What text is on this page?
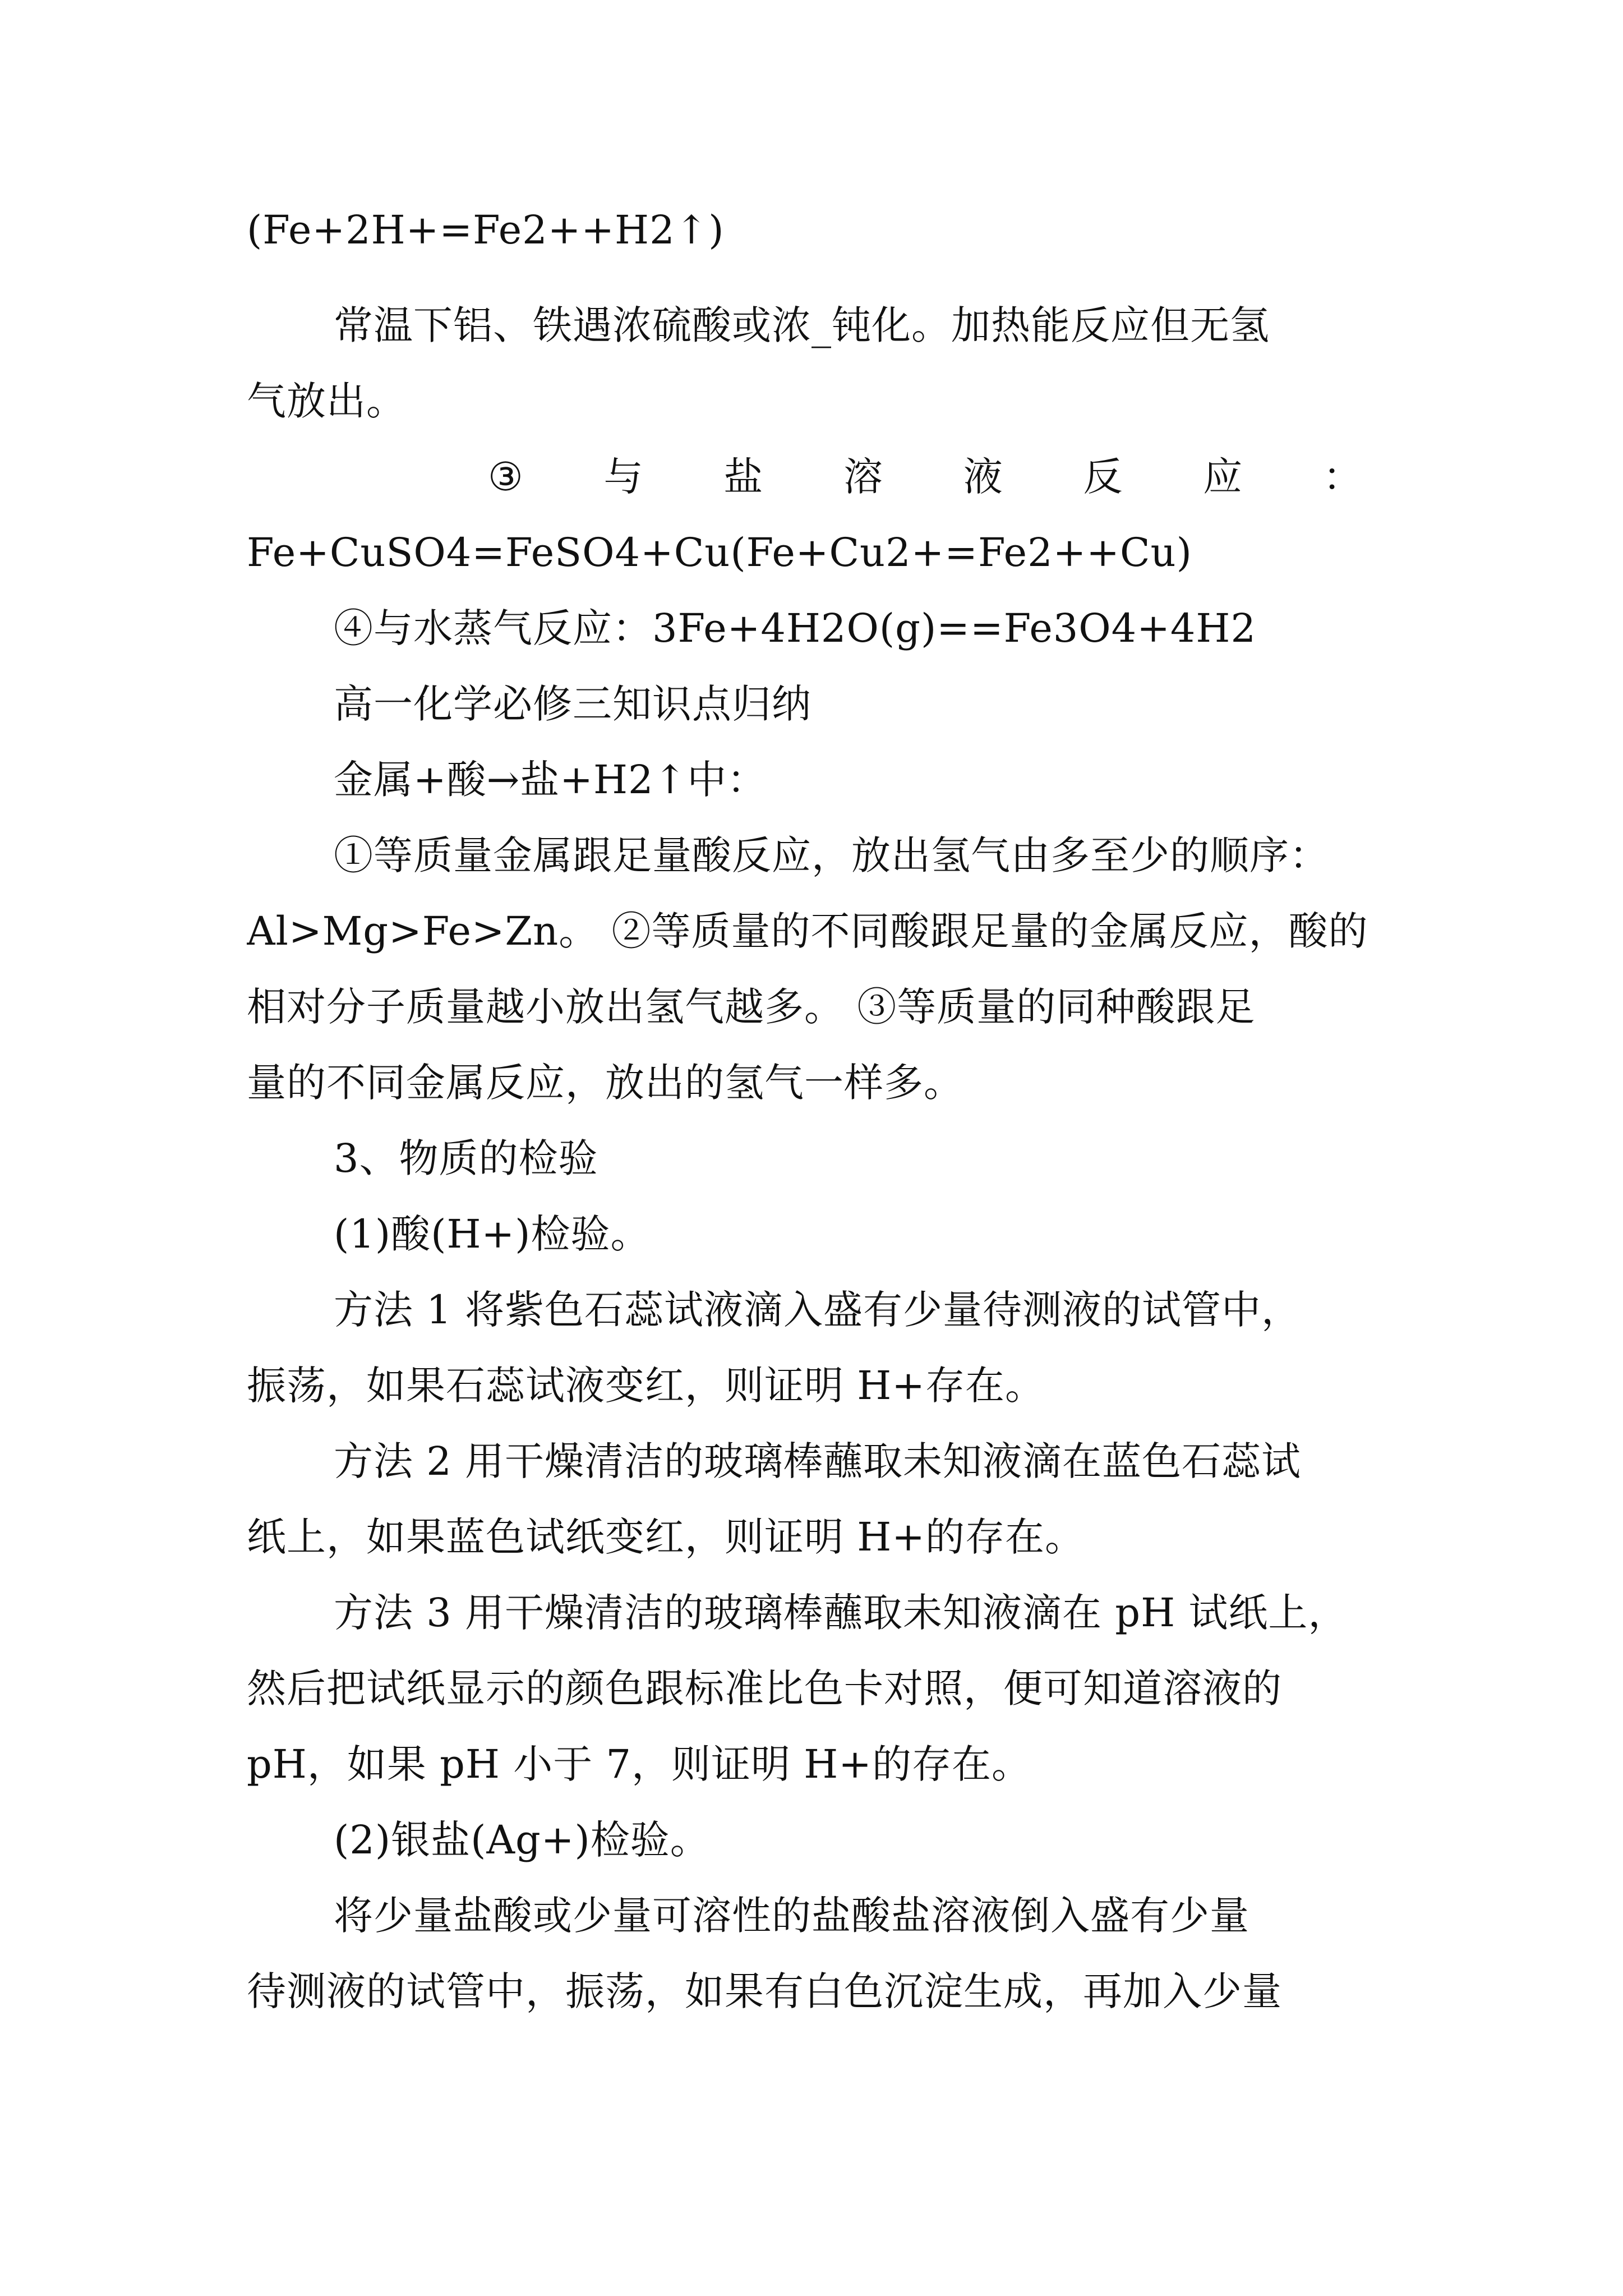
(Fe+2H+=Fe2++H2↑)
常温下铝、铁遇浓硫酸或浓_钝化。加热能反应但无氢
气放出。
③ 与 盐 溶 液 反 应 ：
Fe+CuSO4=FeSO4+Cu(Fe+Cu2+=Fe2++Cu)
④与水蒸气反应：3Fe+4H2O(g)==Fe3O4+4H2
高一化学必修三知识点归纳
金属+酸→盐+H2↑中：
①等质量金属跟足量酸反应，放出氢气由多至少的顺序：
Al>Mg>Fe>Zn。 ②等质量的不同酸跟足量的金属反应，酸的
相对分子质量越小放出氢气越多。 ③等质量的同种酸跟足
量的不同金属反应，放出的氢气一样多。
3、物质的检验
(1)酸(H+)检验。
方法 1 将紫色石蕊试液滴入盛有少量待测液的试管中，
振荡，如果石蕊试液变红，则证明 H+存在。
方法 2 用干燥清洁的玻璃棒蘸取未知液滴在蓝色石蕊试
纸上，如果蓝色试纸变红，则证明 H+的存在。
方法 3 用干燥清洁的玻璃棒蘸取未知液滴在 pH 试纸上，
然后把试纸显示的颜色跟标准比色卡对照，便可知道溶液的
pH，如果 pH 小于 7，则证明 H+的存在。
(2)银盐(Ag+)检验。
将少量盐酸或少量可溶性的盐酸盐溶液倒入盛有少量
待测液的试管中，振荡，如果有白色沉淀生成，再加入少量
